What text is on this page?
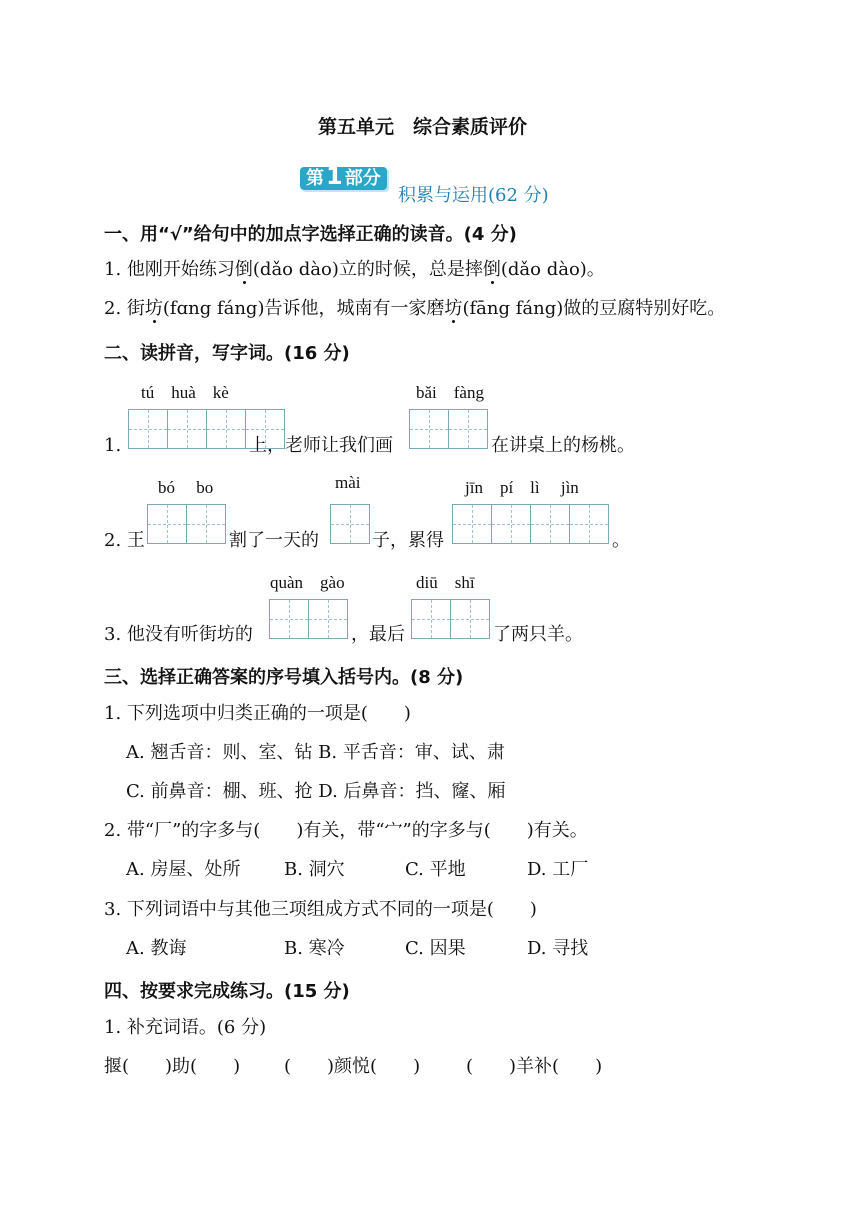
第五单元　综合素质评价
第1 部分
积累与运用(62 分)
一、用“√”给句中的加点字选择正确的读音。(4 分)
1. 他刚开始练习倒(dǎo dào)立的时候，总是摔倒(dǎo dào)。
2. 街坊(fɑng fáng)告诉他，城南有一家磨坊(fāng fáng)做的豆腐特别好吃。
二、读拼音，写字词。(16 分)
tú　huà　kè	bǎi　fàng
1.	上，老师让我们画	在讲桌上的杨桃。
bó　 bo	mài	jīn　pí　lì　 jìn
2. 王	割了一天的	子，累得	。
quàn　gào	diū　shī
3. 他没有听街坊的	，最后	了两只羊。
三、选择正确答案的序号填入括号内。(8 分)
1. 下列选项中归类正确的一项是(　　)
A. 翘舌音：则、室、钻 B. 平舌音：审、试、肃
C. 前鼻音：棚、班、抢 D. 后鼻音：挡、窿、厢
2. 带“厂”的字多与(　　)有关，带“宀”的字多与(　　)有关。
A. 房屋、处所 B. 洞穴	C. 平地	D. 工厂
3. 下列词语中与其他三项组成方式不同的一项是(　　)
A. 教诲	B. 寒冷	C. 因果	D. 寻找
四、按要求完成练习。(15 分)
1. 补充词语。(6 分)
揠(　　)助(　　) (　　)颜悦(　　)	(　　)羊补(　　)
